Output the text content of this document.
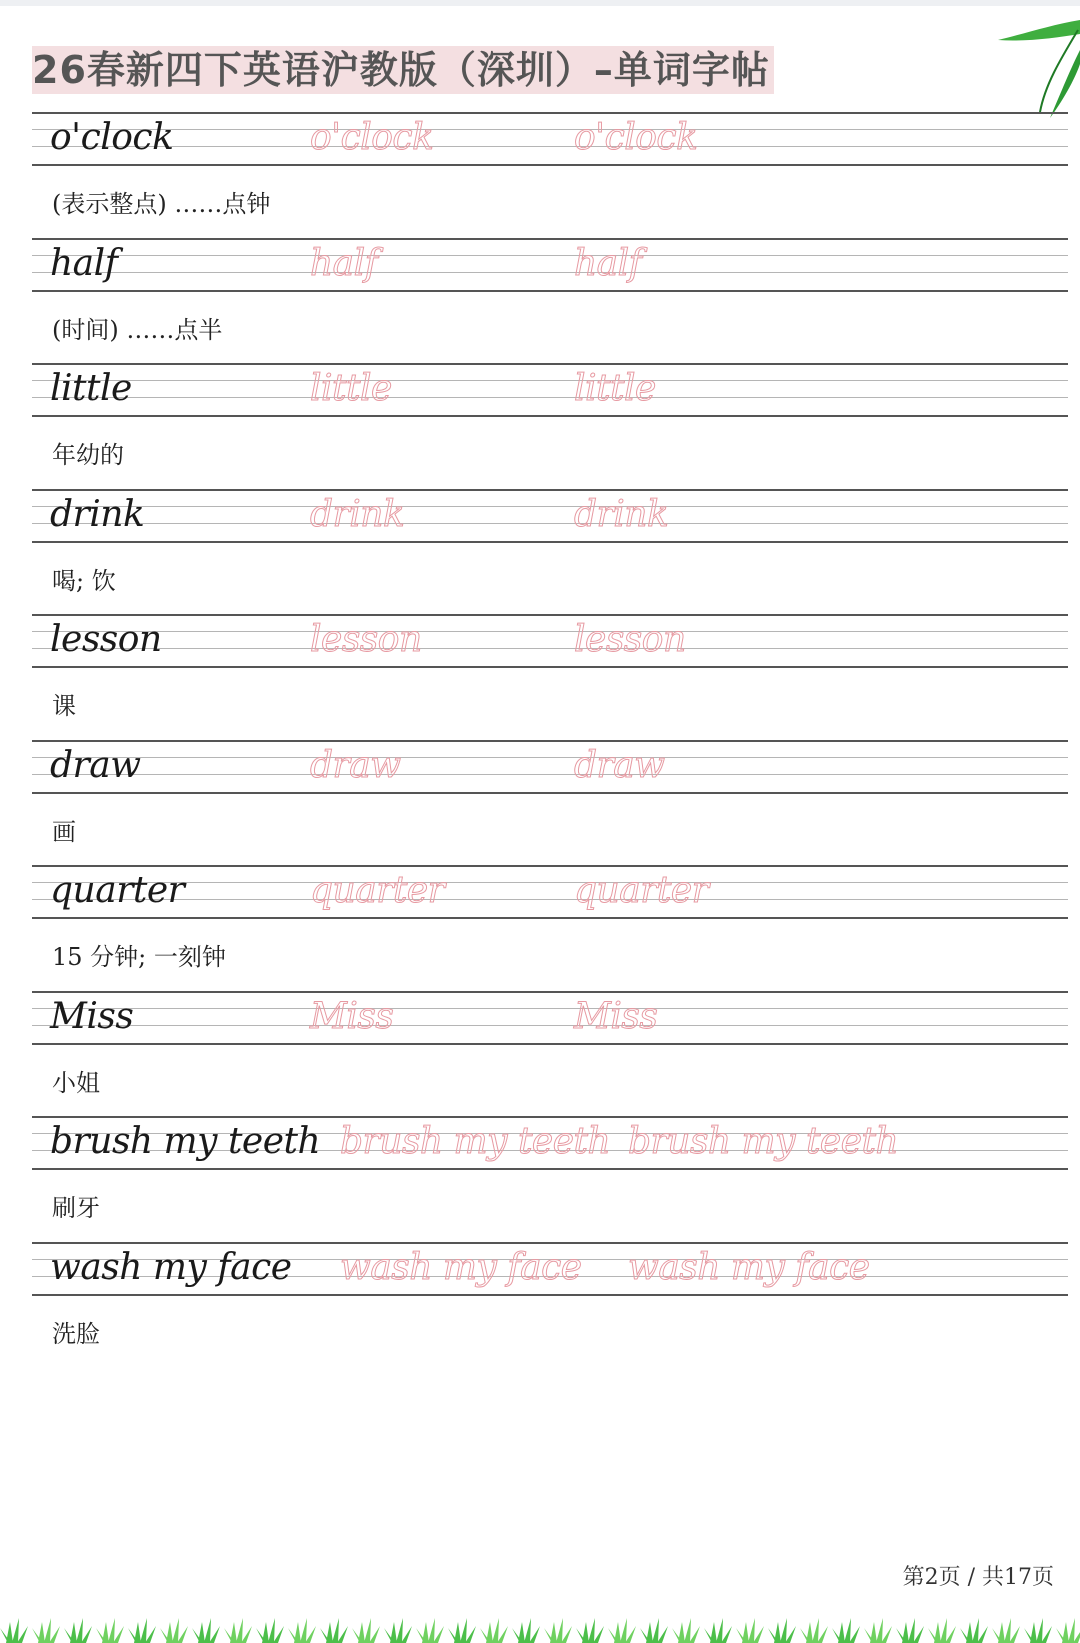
26春新四下英语沪教版（深圳）–单词字帖
o'clock	o'clock	o'clock
(表示整点) ……点钟
half	half	half
(时间) ……点半
little	little	little
年幼的
drink	drink	drink
喝; 饮
lesson	lesson	lesson
课
draw	draw	draw
画
quarter	quarter	quarter
15 分钟; 一刻钟
Miss	Miss	Miss
小姐
brush my teeth brush my teeth brush my teeth
刷牙
wash my face wash my face wash my face
洗脸
第2页 / 共17页
